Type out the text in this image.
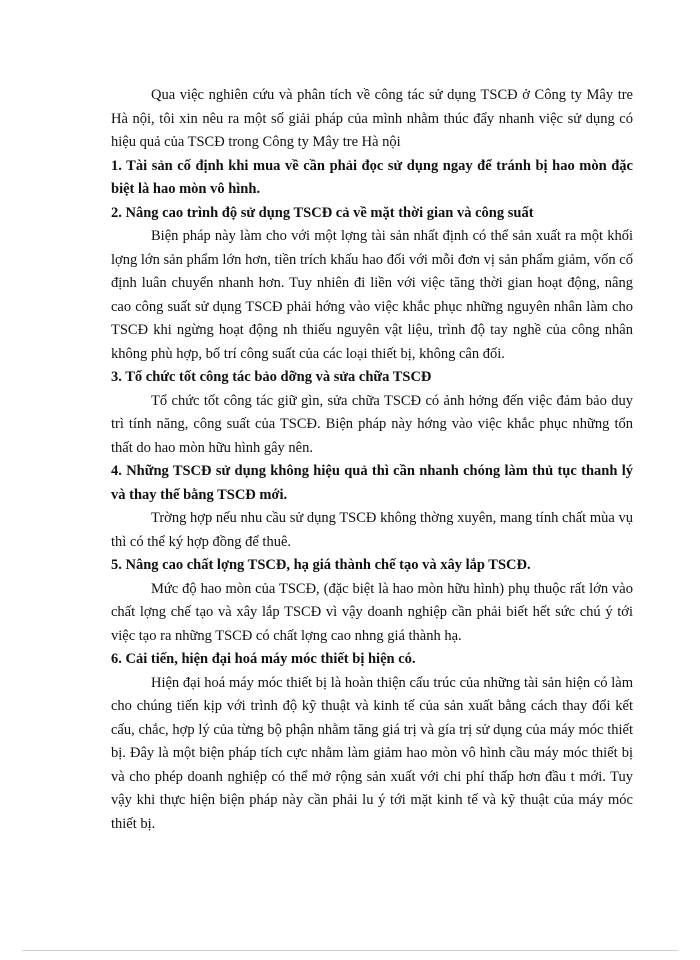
Qua việc nghiên cứu và phân tích về công tác sử dụng TSCĐ ở Công ty Mây tre Hà nội, tôi xin nêu ra một số giải pháp của mình nhằm thúc đẩy nhanh việc sử dụng có hiệu quả của TSCĐ trong Công ty Mây tre Hà nội

1. Tài sản cố định khi mua về cần phải đọc sử dụng ngay để tránh bị hao mòn đặc biệt là hao mòn vô hình.

2. Nâng cao trình độ sử dụng TSCĐ cả về mặt thời gian và công suất

Biện pháp này làm cho với một lợng tài sản nhất định có thể sản xuất ra một khối lợng lớn sản phẩm lớn hơn, tiền trích khấu hao đối với mỗi đơn vị sản phẩm giảm, vốn cố định luân chuyển nhanh hơn. Tuy nhiên đi liền với việc tăng thời gian hoạt động, nâng cao công suất sử dụng TSCĐ phải hớng vào việc khắc phục những nguyên nhân làm cho TSCĐ khi ngừng hoạt động nh thiếu nguyên vật liệu, trình độ tay nghề của công nhân không phù hợp, bố trí công suất của các loại thiết bị, không cân đối.

3. Tổ chức tốt công tác bảo dỡng và sửa chữa TSCĐ

Tổ chức tốt công tác giữ gìn, sửa chữa TSCĐ có ảnh hởng đến việc đảm bảo duy trì tính năng, công suất của TSCĐ. Biện pháp này hớng vào việc khắc phục những tổn thất do hao mòn hữu hình gây nên.

4. Những TSCĐ sử dụng không hiệu quả thì cần nhanh chóng làm thủ tục thanh lý và thay thế bằng TSCĐ mới.

Trờng hợp nếu nhu cầu sử dụng TSCĐ không thờng xuyên, mang tính chất mùa vụ thì có thể ký hợp đồng để thuê.

5. Nâng cao chất lợng TSCĐ, hạ giá thành chế tạo và xây lắp TSCĐ.

Mức độ hao mòn của TSCĐ, (đặc biệt là hao mòn hữu hình) phụ thuộc rất lớn vào chất lợng chế tạo và xây lắp TSCĐ vì vậy doanh nghiệp cần phải biết hết sức chú ý tới việc tạo ra những TSCĐ có chất lợng cao nhng giá thành hạ.

6. Cải tiến, hiện đại hoá máy móc thiết bị hiện có.

Hiện đại hoá máy móc thiết bị là hoàn thiện cấu trúc của những tài sản hiện có làm cho chúng tiến kịp với trình độ kỹ thuật và kinh tế của sản xuất bằng cách thay đổi kết cấu, chắc, hợp lý của từng bộ phận nhằm tăng giá trị và gía trị sử dụng của máy móc thiết bị. Đây là một biện pháp tích cực nhằm làm giảm hao mòn vô hình cầu máy móc thiết bị và cho phép doanh nghiệp có thể mở rộng sản xuất với chi phí thấp hơn đầu t mới. Tuy vậy khi thực hiện biện pháp này cần phải lu ý tới mặt kinh tế và kỹ thuật của máy móc thiết bị.
